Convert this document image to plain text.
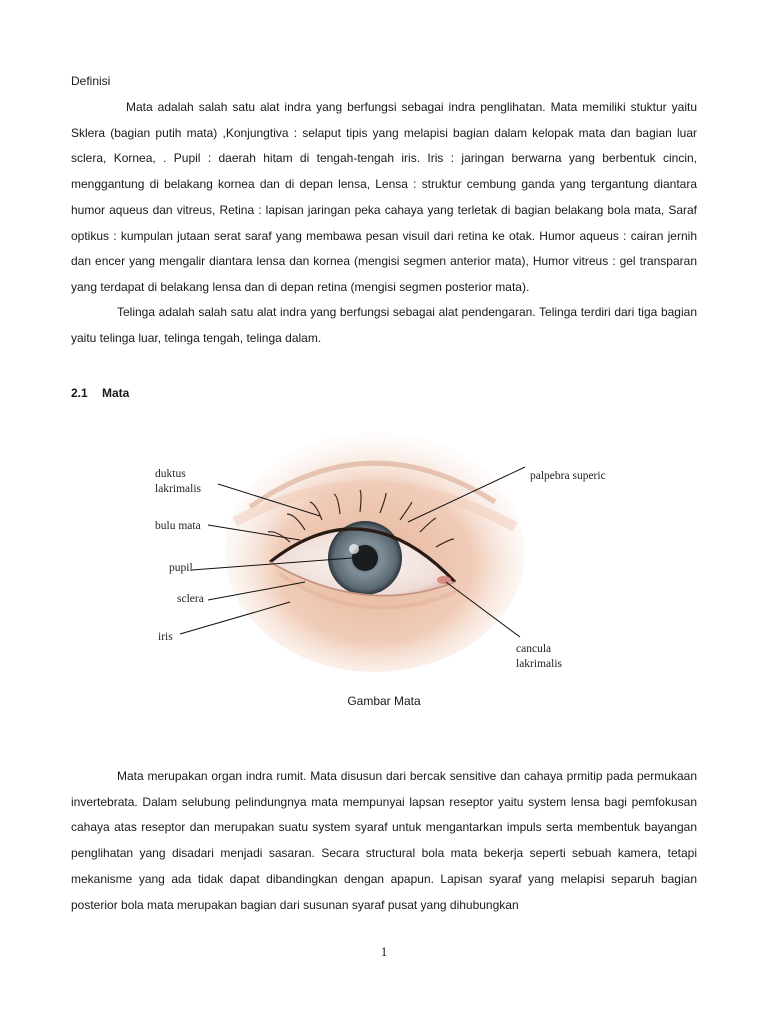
Definisi

Mata adalah salah satu alat indra yang berfungsi sebagai indra penglihatan. Mata memiliki stuktur yaitu Sklera (bagian putih mata) ,Konjungtiva : selaput tipis yang melapisi bagian dalam kelopak mata dan bagian luar sclera, Kornea, . Pupil : daerah hitam di tengah-tengah iris. Iris : jaringan berwarna yang berbentuk cincin, menggantung di belakang kornea dan di depan lensa, Lensa : struktur cembung ganda yang tergantung diantara humor aqueus dan vitreus, Retina : lapisan jaringan peka cahaya yang terletak di bagian belakang bola mata, Saraf optikus : kumpulan jutaan serat saraf yang membawa pesan visuil dari retina ke otak. Humor aqueus : cairan jernih dan encer yang mengalir diantara lensa dan kornea (mengisi segmen anterior mata), Humor vitreus : gel transparan yang terdapat di belakang lensa dan di depan retina (mengisi segmen posterior mata).

Telinga adalah salah satu alat indra yang berfungsi sebagai alat pendengaran. Telinga terdiri dari tiga bagian yaitu telinga luar, telinga tengah, telinga dalam.

2.1 Mata
duktus
lakrimalis
bulu mata
pupil
sclera
iris
palpebra superic
cancula
lakrimalis
Gambar Mata

Mata merupakan organ indra rumit. Mata disusun dari bercak sensitive dan cahaya prmitip pada permukaan invertebrata. Dalam selubung pelindungnya mata mempunyai lapsan reseptor yaitu system lensa bagi pemfokusan cahaya atas reseptor dan merupakan suatu system syaraf untuk mengantarkan impuls serta membentuk bayangan penglihatan yang disadari menjadi sasaran. Secara structural bola mata bekerja seperti sebuah kamera, tetapi mekanisme yang ada tidak dapat dibandingkan dengan apapun. Lapisan syaraf yang melapisi separuh bagian posterior bola mata merupakan bagian dari susunan syaraf pusat yang dihubungkan

1
